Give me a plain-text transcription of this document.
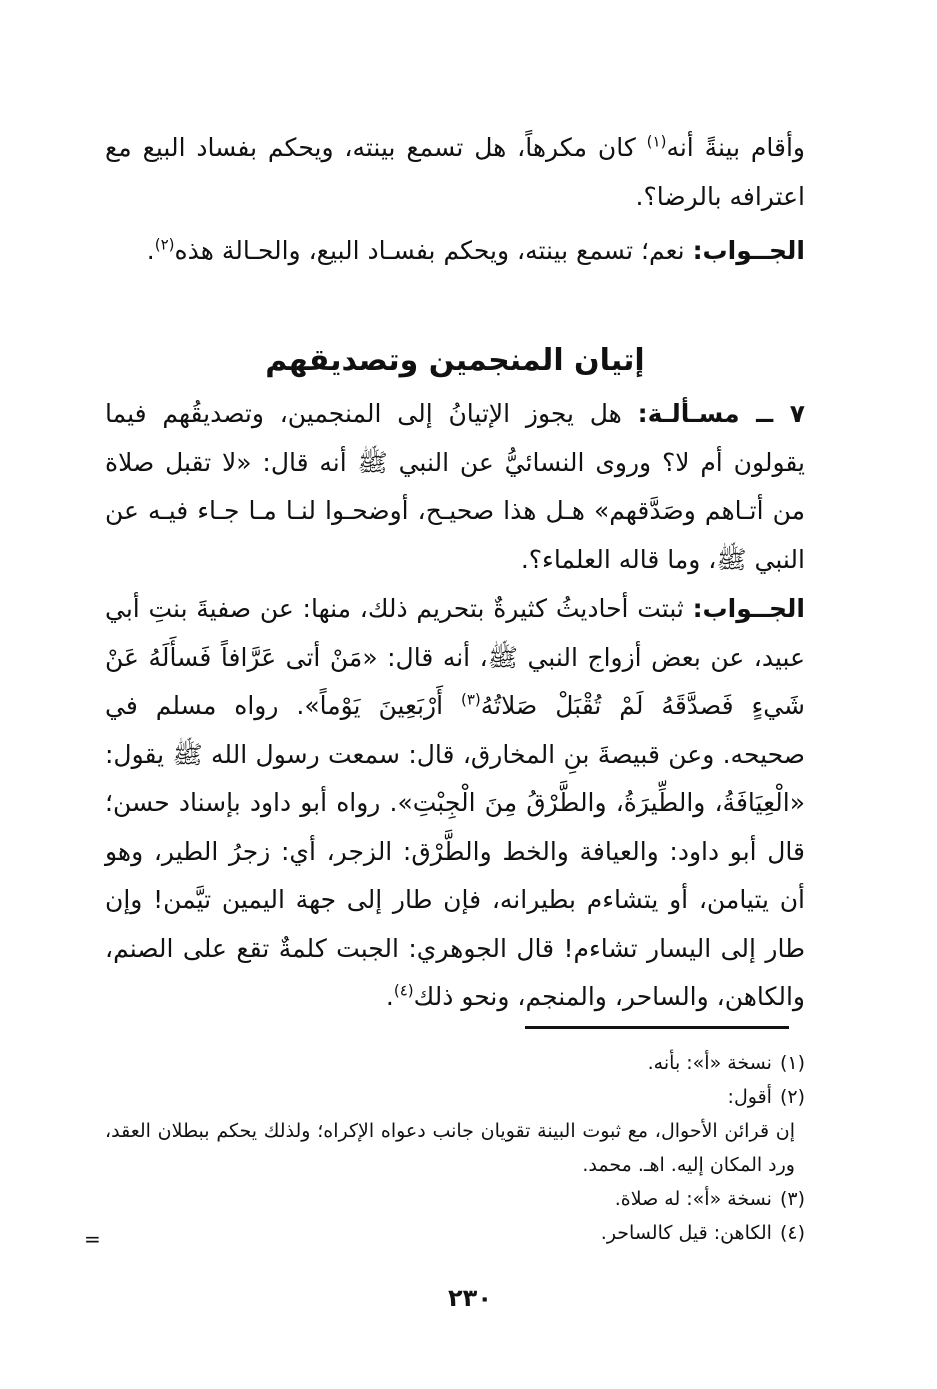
وأقام بينةً أنه$^{(١)}$ كان مكرهاً، هل تسمع بينته، ويحكم بفساد البيع مع اعترافه بالرضا؟.

الجــواب: نعم؛ تسمع بينته، ويحكم بفسـاد البيع، والحـالة هذه$^{(٢)}$.

إتيان المنجمين وتصديقهم

٧ ــ مسـألـة: هل يجوز الإتيانُ إلى المنجمين، وتصديقُهم فيما يقولون أم لا؟ وروى النسائيُّ عن النبي ﷺ أنه قال: «لا تقبل صلاة من أتـاهم وصَدَّقهم» هـل هذا صحيـح، أوضحـوا لنـا مـا جـاء فيـه عن النبي ﷺ، وما قاله العلماء؟.

الجــواب: ثبتت أحاديثُ كثيرةٌ بتحريم ذلك، منها: عن صفيةَ بنتِ أبي عبيد، عن بعض أزواج النبي ﷺ، أنه قال: «مَنْ أتى عَرَّافاً فَسأَلَهُ عَنْ شَيءٍ فَصدَّقَهُ لَمْ تُقْبَلْ صَلاتُهُ$^{(٣)}$ أَرْبَعِينَ يَوْماً». رواه مسلم في صحيحه. وعن قبيصةَ بنِ المخارق، قال: سمعت رسول الله ﷺ يقول: «الْعِيَافَةُ، والطِّيرَةُ، والطَّرْقُ مِنَ الْجِبْتِ». رواه أبو داود بإسناد حسن؛ قال أبو داود: والعيافة والخط والطَّرْق: الزجر، أي: زجرُ الطير، وهو أن يتيامن، أو يتشاءم بطيرانه، فإن طار إلى جهة اليمين تيَّمن! وإن طار إلى اليسار تشاءم! قال الجوهري: الجبت كلمةٌ تقع على الصنم، والكاهن، والساحر، والمنجم، ونحو ذلك$^{(٤)}$.

(١)نسخة «أ»: بأنه.

(٢)أقول:

إن قرائن الأحوال، مع ثبوت البينة تقويان جانب دعواه الإكراه؛ ولذلك يحكم ببطلان العقد، ورد المكان إليه. اهـ. محمد.

(٣)نسخة «أ»: له صلاة.

(٤)الكاهن: قيل كالساحر.

=
٢٣٠
